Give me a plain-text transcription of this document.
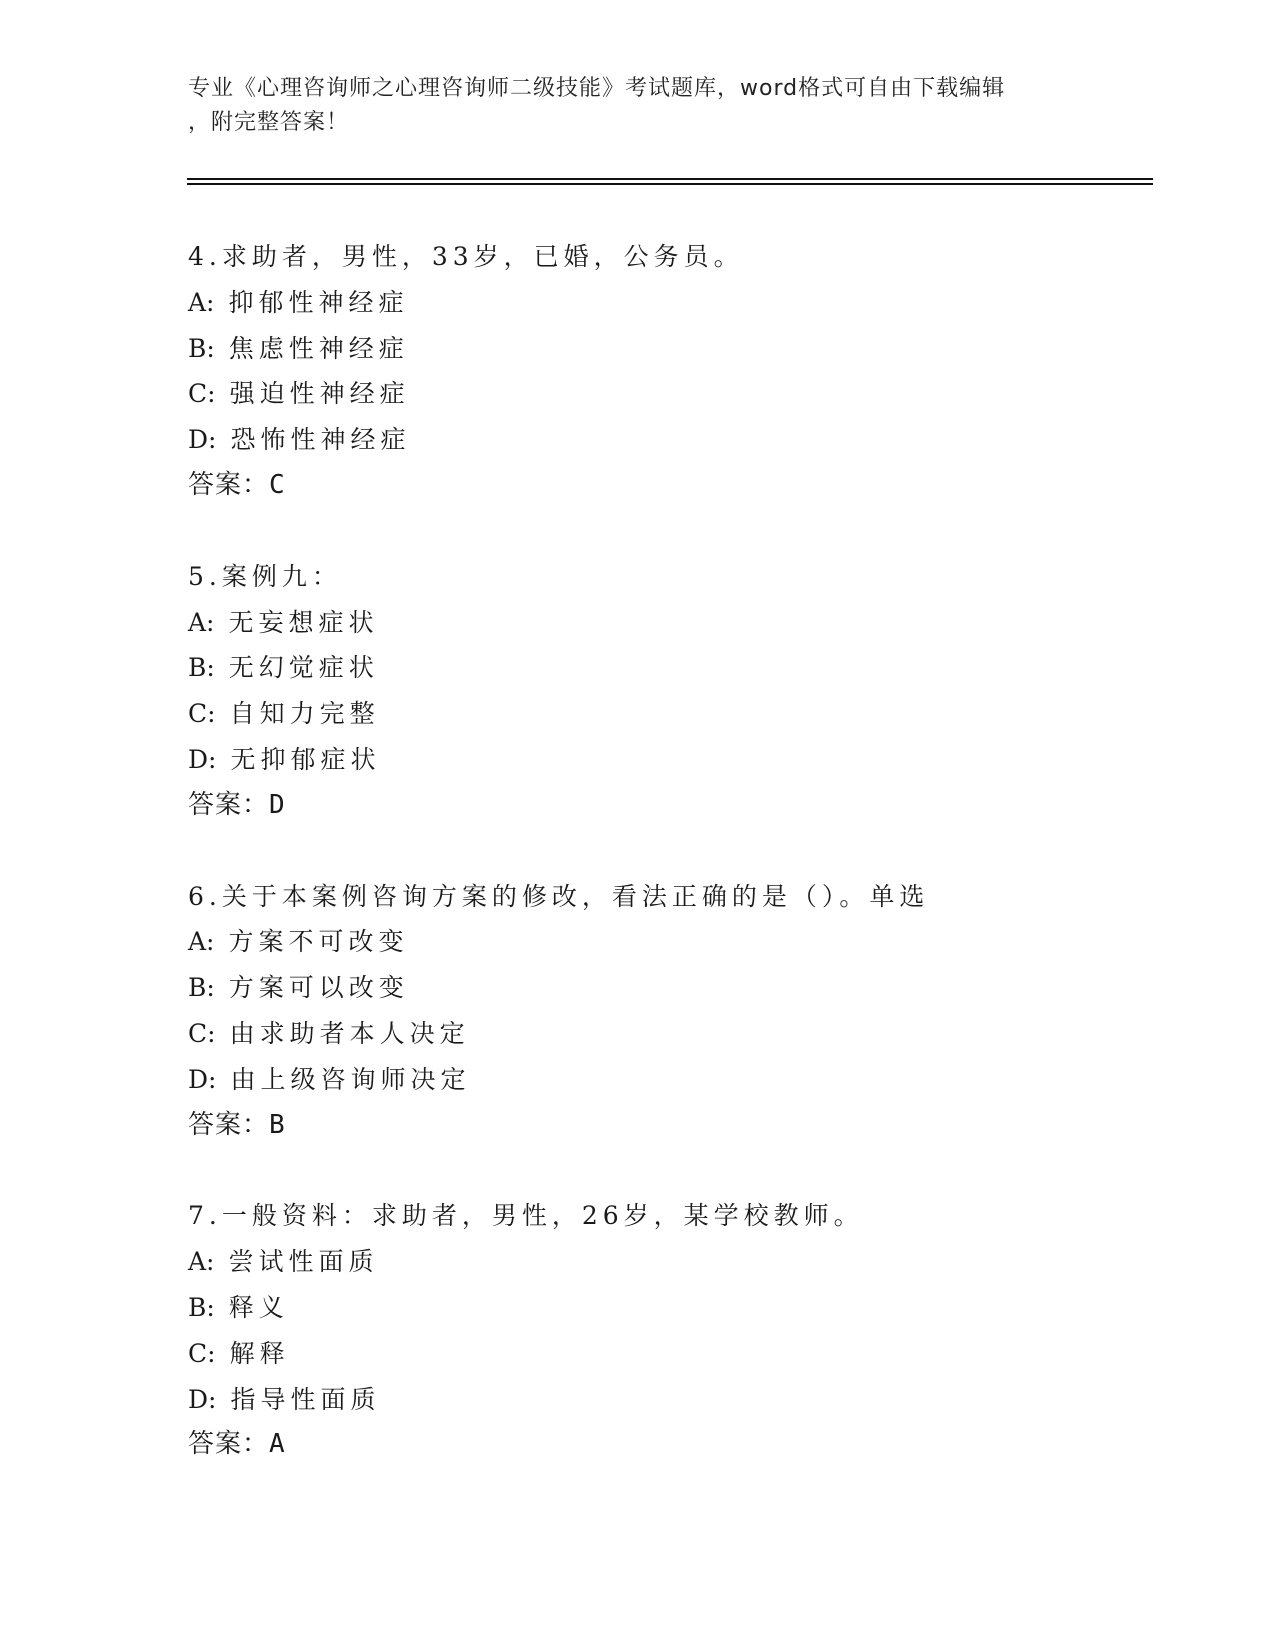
专业《心理咨询师之心理咨询师二级技能》考试题库，word格式可自由下载编辑
，附完整答案！
4.求助者，男性，33岁，已婚，公务员。
A: 抑郁性神经症
B: 焦虑性神经症
C: 强迫性神经症
D: 恐怖性神经症
答案：C
5.案例九：
A: 无妄想症状
B: 无幻觉症状
C: 自知力完整
D: 无抑郁症状
答案：D
6.关于本案例咨询方案的修改，看法正确的是（）。单选
A: 方案不可改变
B: 方案可以改变
C: 由求助者本人决定
D: 由上级咨询师决定
答案：B
7.一般资料：求助者，男性，26岁，某学校教师。
A: 尝试性面质
B: 释义
C: 解释
D: 指导性面质
答案：A
